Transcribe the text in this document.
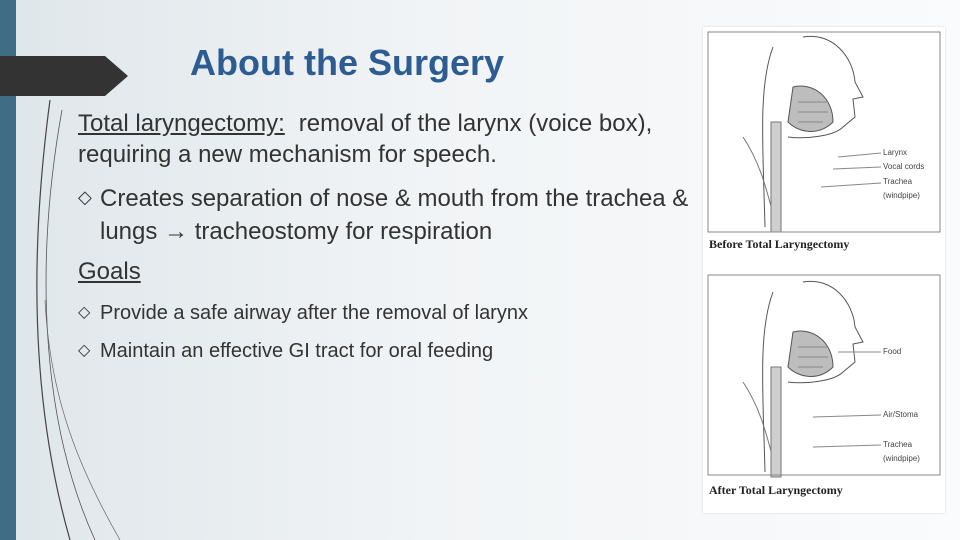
About the Surgery

Total laryngectomy: removal of the larynx (voice box), requiring a new mechanism for speech.

◇ Creates separation of nose & mouth from the trachea & lungs → tracheostomy for respiration
Goals
◇ Provide a safe airway after the removal of larynx
◇ Maintain an effective GI tract for oral feeding
Larynx
Vocal cords
Trachea
(windpipe)
Before Total Laryngectomy
Food
Air/Stoma
Trachea
(windpipe)
After Total Laryngectomy
